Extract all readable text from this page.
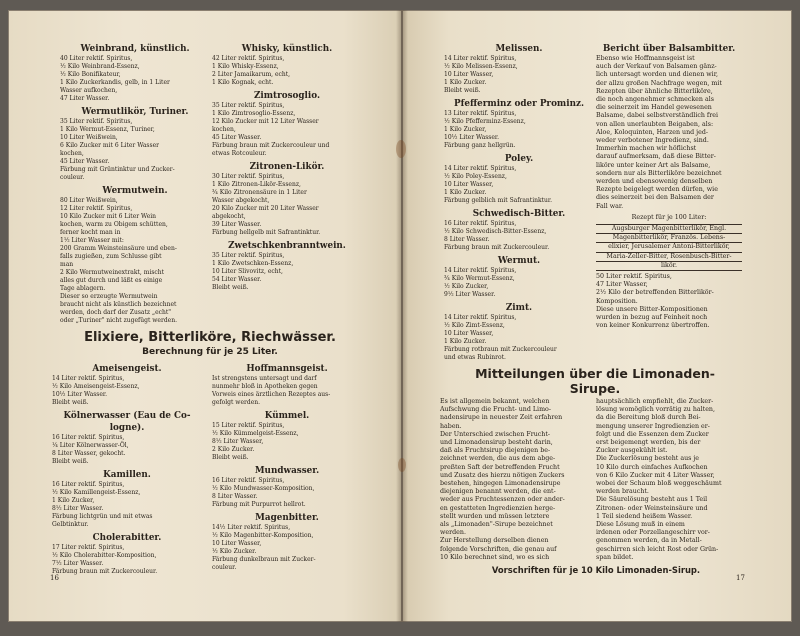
Weinbrand, künstlich.
40 Liter rektif. Spiritus,
½ Kilo Weinbrand-Essenz,
½ Kilo Bonifikateur,
1 Kilo Zuckerkandis, gelb, in 1 Liter
Wasser aufkochen,
47 Liter Wasser.
Wermutlikör, Turiner.
35 Liter rektif. Spiritus,
1 Kilo Wermut-Essenz, Turiner,
10 Liter Weißwein,
6 Kilo Zucker mit 6 Liter Wasser
kochen,
45 Liter Wasser.
Färbung mit Grüntinktur und Zucker-
couleur.
Wermutwein.
80 Liter Weißwein,
12 Liter rektif. Spiritus,
10 Kilo Zucker mit 6 Liter Wein
kochen, warm zu Obigem schütten,
ferner kocht man in
1½ Liter Wasser mit:
200 Gramm Weinsteinsäure und eben-
falls zugießen, zum Schlusse gibt
man
2 Kilo Wermutweinextrakt, mischt
alles gut durch und läßt es einige
Tage ablagern.
Dieser so erzeugte Wermutwein
braucht nicht als künstlich bezeichnet
werden, doch darf der Zusatz „echt"
oder „Turiner" nicht zugefügt werden.
Whisky, künstlich.
42 Liter rektif. Spiritus,
1 Kilo Whisky-Essenz,
2 Liter Jamaikarum, echt,
1 Kilo Kognak, echt.
Zimtrosoglio.
35 Liter rektif. Spiritus,
1 Kilo Zimtrosoglio-Essenz,
12 Kilo Zucker mit 12 Liter Wasser
kochen,
45 Liter Wasser.
Färbung braun mit Zuckercouleur und
etwas Rotcouleur.
Zitronen-Likör.
30 Liter rektif. Spiritus,
1 Kilo Zitronen-Likör-Essenz,
¾ Kilo Zitronensäure in 1 Liter
Wasser abgekocht,
20 Kilo Zucker mit 20 Liter Wasser
abgekocht,
39 Liter Wasser.
Färbung hellgelb mit Safrantinktur.
Zwetschkenbranntwein.
35 Liter rektif. Spiritus,
1 Kilo Zwetschken-Essenz,
10 Liter Slivovitz, echt,
54 Liter Wasser.
Bleibt weiß.
Elixiere, Bitterliköre, Riechwässer.
Berechnung für je 25 Liter.
Ameisengeist.
14 Liter rektif. Spiritus,
½ Kilo Ameisengeist-Essenz,
10½ Liter Wasser.
Bleibt weiß.
Kölnerwasser (Eau de Co-
logne).
16 Liter rektif. Spiritus,
¼ Liter Kölnerwasser-Öl,
8 Liter Wasser, gekocht.
Bleibt weiß.
Kamillen.
16 Liter rektif. Spiritus,
½ Kilo Kamillengeist-Essenz,
1 Kilo Zucker,
8½ Liter Wasser.
Färbung lichtgrün und mit etwas
Gelbtinktur.
Cholerabitter.
17 Liter rektif. Spiritus,
½ Kilo Cholerabitter-Komposition,
7½ Liter Wasser.
Färbung braun mit Zuckercouleur.
Hoffmannsgeist.
Ist strengstens untersagt und darf
nunmehr bloß in Apotheken gegen
Vorweis eines ärztlichen Rezeptes aus-
gefolgt werden.
Kümmel.
15 Liter rektif. Spiritus,
½ Kilo Kümmelgeist-Essenz,
8½ Liter Wasser,
2 Kilo Zucker.
Bleibt weiß.
Mundwasser.
16 Liter rektif. Spiritus,
½ Kilo Mundwasser-Komposition,
8 Liter Wasser.
Färbung mit Purpurrot hellrot.
Magenbitter.
14½ Liter rektif. Spiritus,
½ Kilo Magenbitter-Komposition,
10 Liter Wasser,
½ Kilo Zucker.
Färbung dunkelbraun mit Zucker-
couleur.
16
Melissen.
14 Liter rektif. Spiritus,
½ Kilo Melissen-Essenz,
10 Liter Wasser,
1 Kilo Zucker.
Bleibt weiß.
Pfefferminz oder Prominz.
13 Liter rektif. Spiritus,
½ Kilo Pfefferminz-Essenz,
1 Kilo Zucker,
10½ Liter Wasser.
Färbung ganz hellgrün.
Poley.
14 Liter rektif. Spiritus,
½ Kilo Poley-Essenz,
10 Liter Wasser,
1 Kilo Zucker.
Färbung gelblich mit Safrantinktur.
Schwedisch-Bitter.
16 Liter rektif. Spiritus,
½ Kilo Schwedisch-Bitter-Essenz,
8 Liter Wasser.
Färbung braun mit Zuckercouleur.
Wermut.
14 Liter rektif. Spiritus,
¾ Kilo Wermut-Essenz,
½ Kilo Zucker,
9½ Liter Wasser.
Zimt.
14 Liter rektif. Spiritus,
½ Kilo Zimt-Essenz,
10 Liter Wasser,
1 Kilo Zucker.
Färbung rotbraun mit Zuckercouleur
und etwas Rubinrot.
Bericht über Balsambitter.
Ebenso wie Hoffmannsgeist ist
auch der Verkauf von Balsamen gänz-
lich untersagt worden und dienen wir,
der allzu großen Nachfrage wegen, mit
Rezepten über ähnliche Bitterliköre,
die noch angenehmer schmecken als
die seinerzeit im Handel gewesenen
Balsame, dabei selbstverständlich frei
von allen unerlaubten Beigaben, als:
Aloe, Koloquinten, Harzen und jed-
weder verbotener Ingredienz, sind.
Immerhin machen wir höflichst
darauf aufmerksam, daß diese Bitter-
liköre unter keiner Art als Balsame,
sondern nur als Bitterliköre bezeichnet
werden und ebensowenig denselben
Rezepte beigelegt werden dürfen, wie
dies seinerzeit bei den Balsamen der
Fall war.
Rezept für je 100 Liter:
Augsburger Magenbitterlikör, Engl.
Magenbitterlikör, Französ. Lebens-
elixier, Jerusalemer Antoni-Bitterlikör,
Maria-Zeller-Bitter, Rosenbusch-Bitter-
likör.
50 Liter rektif. Spiritus,
47 Liter Wasser,
2½ Kilo der betreffenden Bitterlikör-
Komposition.
Diese unsere Bitter-Kompositionen
wurden in bezug auf Feinheit noch
von keiner Konkurrenz übertroffen.
Mitteilungen über die Limonaden-
Sirupe.
Es ist allgemein bekannt, welchen
Aufschwung die Frucht- und Limo-
nadensirupe in neuester Zeit erfahren
haben.
Der Unterschied zwischen Frucht-
und Limonadensirup besteht darin,
daß als Fruchtsirup diejenigen be-
zeichnet werden, die aus dem abge-
preßten Saft der betreffenden Frucht
und Zusatz des hierzu nötigen Zuckers
bestehen, hingegen Limonadensirupe
diejenigen benannt werden, die ent-
weder aus Fruchtessenzen oder ander-
en gestatteten Ingredienzien herge-
stellt wurden und müssen letztere
als „Limonaden"-Sirupe bezeichnet
werden.
Zur Herstellung derselben dienen
folgende Vorschriften, die genau auf
10 Kilo berechnet sind, wo es sich
hauptsächlich empfiehlt, die Zucker-
lösung womöglich vorrätig zu halten,
da die Bereitung bloß durch Bei-
mengung unserer Ingredienzien er-
folgt und die Essenzen dem Zucker
erst beigemengt werden, bis der
Zucker ausgekühlt ist.
Die Zuckerlösung besteht aus je
10 Kilo durch einfaches Aufkochen
von 6 Kilo Zucker mit 4 Liter Wasser,
wobei der Schaum bloß weggeschäumt
werden braucht.
Die Säurelösung besteht aus 1 Teil
Zitronen- oder Weinsteinsäure und
1 Teil siedend heißem Wasser.
Diese Lösung muß in einem
irdenen oder Porzellangeschirr vor-
genommen werden, da in Metall-
geschirren sich leicht Rost oder Grün-
span bildet.
Vorschriften für je 10 Kilo Limonaden-Sirup.
17
